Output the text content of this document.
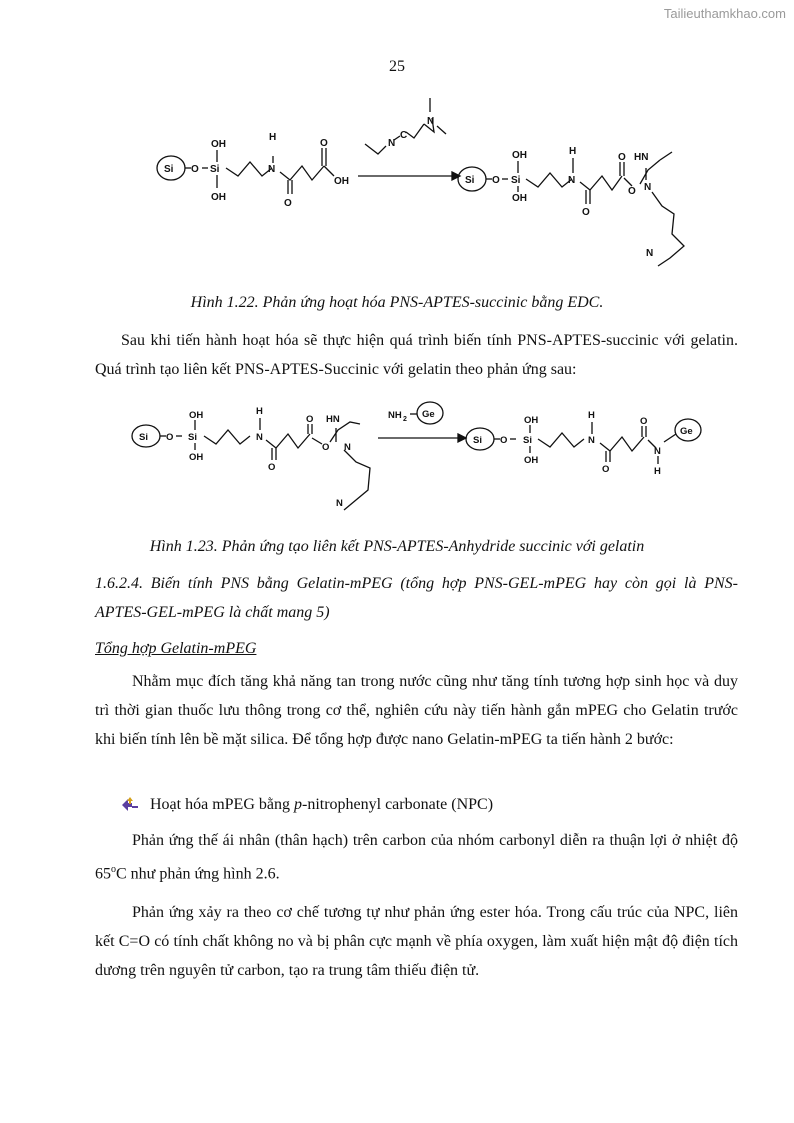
Tailieuthamkhao.com
25
Si O Si
OH
OH
H
N
O
O
OH
N
C
N
Si O Si
OH
OH
H
N
O
O
O
HN
N
N
Hình 1.22. Phản ứng hoạt hóa PNS-APTES-succinic bằng EDC.
Sau khi tiến hành hoạt hóa sẽ thực hiện quá trình biến tính PNS-APTES-succinic với gelatin. Quá trình tạo liên kết PNS-APTES-Succinic với gelatin theo phản ứng sau:
Si O Si
OH
OH
H
N
O
O
O
HN
N
N
NH 2 Ge
Si O Si
OH
OH
H
N
O
O
N
H
Ge
Hình 1.23. Phản ứng tạo liên kết PNS-APTES-Anhydride succinic với gelatin
1.6.2.4. Biến tính PNS bằng Gelatin-mPEG (tổng hợp PNS-GEL-mPEG hay còn gọi là PNS-APTES-GEL-mPEG là chất mang 5)
Tổng hợp Gelatin-mPEG
Nhằm mục đích tăng khả năng tan trong nước cũng như tăng tính tương hợp sinh học và duy trì thời gian thuốc lưu thông trong cơ thể, nghiên cứu này tiến hành gắn mPEG cho Gelatin trước khi biến tính lên bề mặt silica. Để tổng hợp được nano Gelatin-mPEG ta tiến hành 2 bước:
Hoạt hóa mPEG bằng p-nitrophenyl carbonate (NPC)
Phản ứng thế ái nhân (thân hạch) trên carbon của nhóm carbonyl diễn ra thuận lợi ở nhiệt độ 65$^o$C như phản ứng hình 2.6.
Phản ứng xảy ra theo cơ chế tương tự như phản ứng ester hóa. Trong cấu trúc của NPC, liên kết C=O có tính chất không no và bị phân cực mạnh về phía oxygen, làm xuất hiện mật độ điện tích dương trên nguyên tử carbon, tạo ra trung tâm thiếu điện tử.
